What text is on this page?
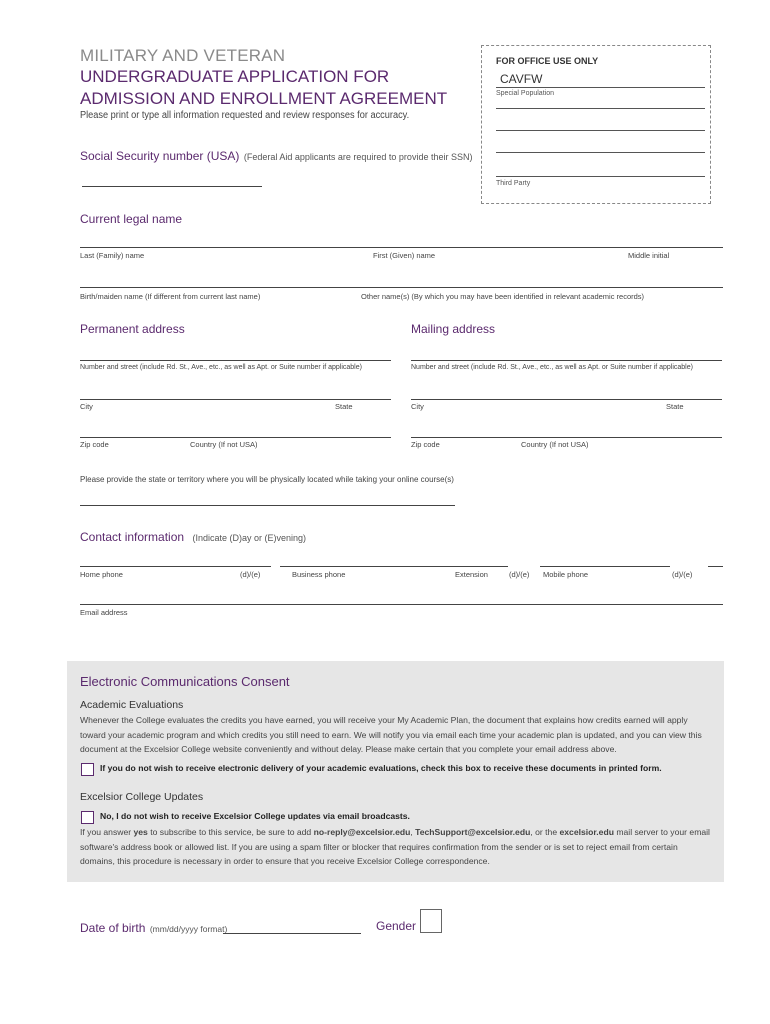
MILITARY AND VETERAN
UNDERGRADUATE APPLICATION FOR
ADMISSION AND ENROLLMENT AGREEMENT
Please print or type all information requested and review responses for accuracy.
FOR OFFICE USE ONLY
CAVFW
Special Population
Third Party
Social Security number (USA) (Federal Aid applicants are required to provide their SSN)
Current legal name
Last (Family) name	First (Given) name	Middle initial
Birth/maiden name (If different from current last name)	Other name(s) (By which you may have been identified in relevant academic records)
Permanent address
Number and street (include Rd. St., Ave., etc., as well as Apt. or Suite number if applicable)
City	State
Zip code	Country (If not USA)
Mailing address
Number and street (include Rd. St., Ave., etc., as well as Apt. or Suite number if applicable)
City	State
Zip code	Country (If not USA)
Please provide the state or territory where you will be physically located while taking your online course(s)
Contact information (Indicate (D)ay or (E)vening)
Home phone	(d)/(e)	Business phone	Extension	(d)/(e) Mobile phone	(d)/(e)
Email address
Electronic Communications Consent
Academic Evaluations
Whenever the College evaluates the credits you have earned, you will receive your My Academic Plan, the document that explains how credits earned will apply toward your academic program and which credits you still need to earn. We will notify you via email each time your academic plan is updated, and you can view this document at the Excelsior College website conveniently and without delay. Please make certain that you complete your email address above.
If you do not wish to receive electronic delivery of your academic evaluations, check this box to receive these documents in printed form.
Excelsior College Updates
No, I do not wish to receive Excelsior College updates via email broadcasts.
If you answer yes to subscribe to this service, be sure to add no-reply@excelsior.edu, TechSupport@excelsior.edu, or the excelsior.edu mail server to your email software's address book or allowed list. If you are using a spam filter or blocker that requires confirmation from the sender or is set to reject email from certain domains, this procedure is necessary in order to ensure that you receive Excelsior College correspondence.
Date of birth (mm/dd/yyyy format)	Gender
